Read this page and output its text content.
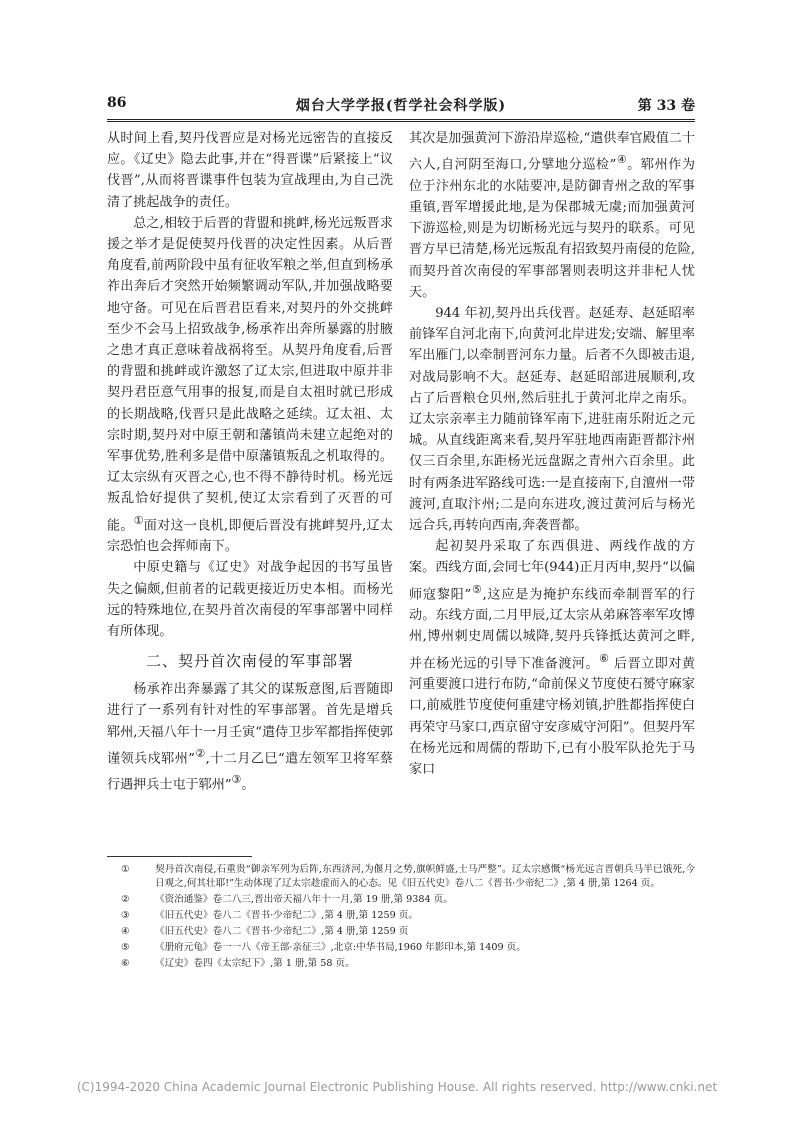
86	烟台大学学报(哲学社会科学版)	第 33 卷

从时间上看,契丹伐晋应是对杨光远密告的直接反应。《辽史》隐去此事,并在“得晋谍”后紧接上“议伐晋”,从而将晋谍事件包装为宣战理由,为自己洗清了挑起战争的责任。

总之,相较于后晋的背盟和挑衅,杨光远叛晋求援之举才是促使契丹伐晋的决定性因素。从后晋角度看,前两阶段中虽有征收军粮之举,但直到杨承祚出奔后才突然开始频繁调动军队,并加强战略要地守备。可见在后晋君臣看来,对契丹的外交挑衅至少不会马上招致战争,杨承祚出奔所暴露的肘腋之患才真正意味着战祸将至。从契丹角度看,后晋的背盟和挑衅或许激怒了辽太宗,但进取中原并非契丹君臣意气用事的报复,而是自太祖时就已形成的长期战略,伐晋只是此战略之延续。辽太祖、太宗时期,契丹对中原王朝和藩镇尚未建立起绝对的军事优势,胜利多是借中原藩镇叛乱之机取得的。辽太宗纵有灭晋之心,也不得不静待时机。杨光远叛乱恰好提供了契机,使辽太宗看到了灭晋的可能。①面对这一良机,即便后晋没有挑衅契丹,辽太宗恐怕也会挥师南下。

中原史籍与《辽史》对战争起因的书写虽皆失之偏颇,但前者的记载更接近历史本相。而杨光远的特殊地位,在契丹首次南侵的军事部署中同样有所体现。

二、契丹首次南侵的军事部署

杨承祚出奔暴露了其父的谋叛意图,后晋随即进行了一系列有针对性的军事部署。首先是增兵郓州,天福八年十一月壬寅“遣侍卫步军都指挥使郭谨领兵戍郓州”②,十二月乙巳“遣左领军卫将军蔡行遇押兵士屯于郓州”③。

其次是加强黄河下游沿岸巡检,“遣供奉官殿值二十六人,自河阴至海口,分擘地分巡检”④。郓州作为位于汴州东北的水陆要冲,是防御青州之敌的军事重镇,晋军增援此地,是为保郡城无虞;而加强黄河下游巡检,则是为切断杨光远与契丹的联系。可见晋方早已清楚,杨光远叛乱有招致契丹南侵的危险,而契丹首次南侵的军事部署则表明这并非杞人忧天。

944 年初,契丹出兵伐晋。赵延寿、赵延昭率前锋军自河北南下,向黄河北岸进发;安端、解里率军出雁门,以牵制晋河东力量。后者不久即被击退,对战局影响不大。赵延寿、赵延昭部进展顺利,攻占了后晋粮仓贝州,然后驻扎于黄河北岸之南乐。辽太宗亲率主力随前锋军南下,进驻南乐附近之元城。从直线距离来看,契丹军驻地西南距晋都汴州仅三百余里,东距杨光远盘踞之青州六百余里。此时有两条进军路线可选:一是直接南下,自澶州一带渡河,直取汴州;二是向东进攻,渡过黄河后与杨光远合兵,再转向西南,奔袭晋都。

起初契丹采取了东西俱进、两线作战的方案。西线方面,会同七年(944)正月丙申,契丹“以偏师寇黎阳”⑤,这应是为掩护东线而牵制晋军的行动。东线方面,二月甲辰,辽太宗从弟麻答率军攻博州,博州刺史周儒以城降,契丹兵锋抵达黄河之畔,并在杨光远的引导下准备渡河。⑥ 后晋立即对黄河重要渡口进行布防,“命前保义节度使石赟守麻家口,前威胜节度使何重建守杨刘镇,护胜都指挥使白再荣守马家口,西京留守安彦威守河阳”。但契丹军在杨光远和周儒的帮助下,已有小股军队抢先于马家口

①	契丹首次南侵,石重贵“御亲军列为后阵,东西济河,为偃月之势,旗帜鲜盛,士马严整”。辽太宗感慨“杨光远言晋朝兵马半已饿死,今日观之,何其壮耶!”生动体现了辽太宗趁虚而入的心态。见《旧五代史》卷八二《晋书·少帝纪二》,第 4 册,第 1264 页。
②	《资治通鉴》卷二八三,晋出帝天福八年十一月,第 19 册,第 9384 页。
③	《旧五代史》卷八二《晋书·少帝纪二》,第 4 册,第 1259 页。
④	《旧五代史》卷八二《晋书·少帝纪二》,第 4 册,第 1259 页
⑤	《册府元龟》卷一一八《帝王部·亲征三》,北京:中华书局,1960 年影印本,第 1409 页。
⑥	《辽史》卷四《太宗纪下》,第 1 册,第 58 页。
(C)1994-2020 China Academic Journal Electronic Publishing House. All rights reserved. http://www.cnki.net
